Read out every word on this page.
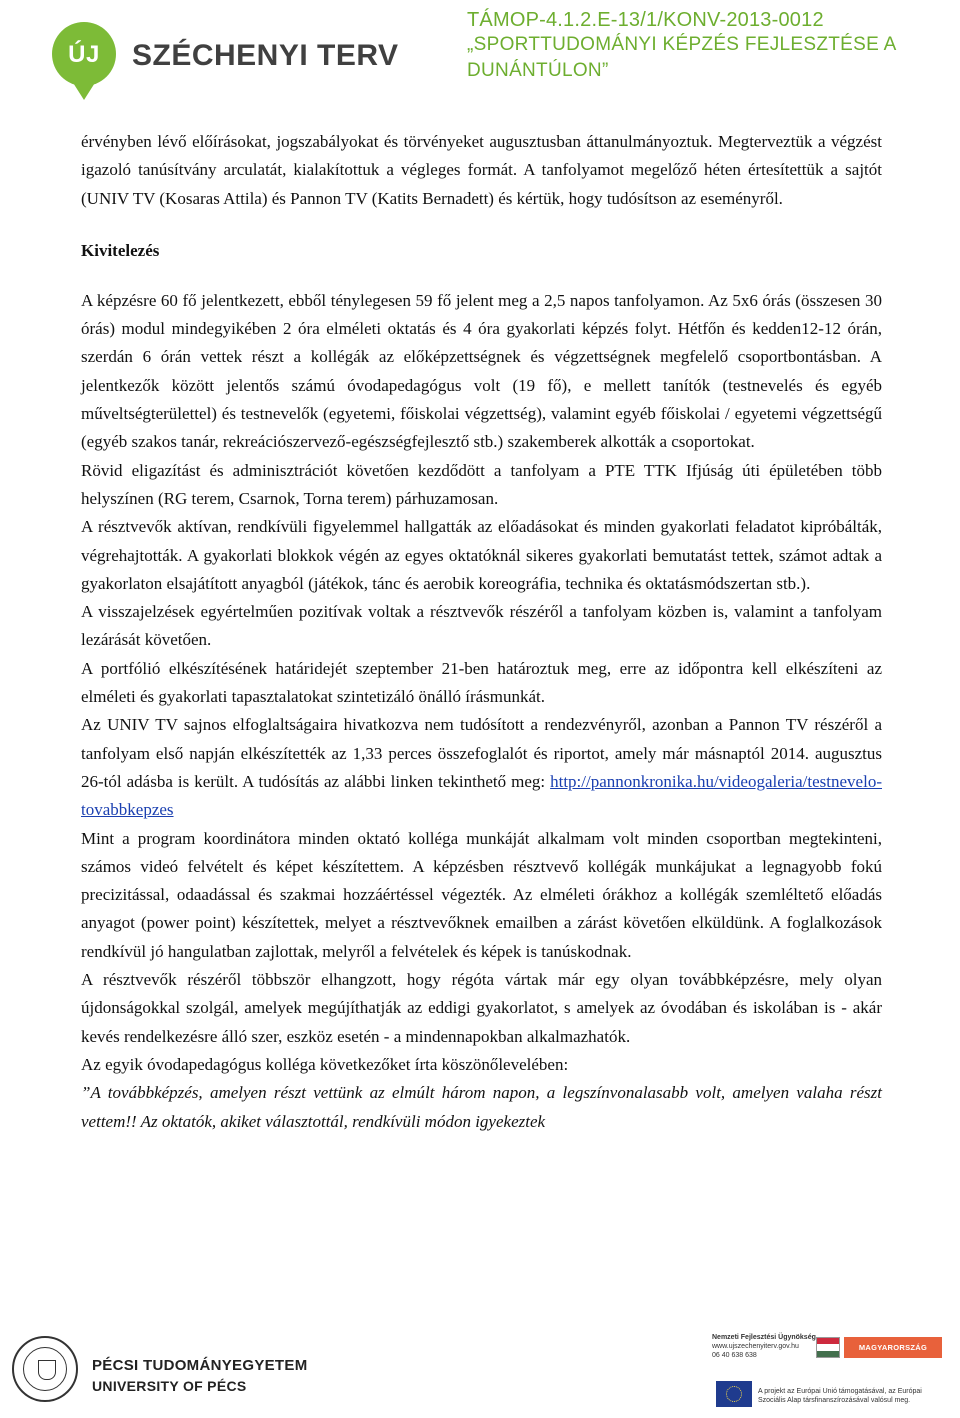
ÚJ	SZÉCHENYI TERV
TÁMOP-4.1.2.E-13/1/KONV-2013-0012
„SPORTTUDOMÁNYI KÉPZÉS FEJLESZTÉSE A DUNÁNTÚLON”

érvényben lévő előírásokat, jogszabályokat és törvényeket augusztusban áttanulmányoztuk. Megterveztük a végzést igazoló tanúsítvány arculatát, kialakítottuk a végleges formát. A tanfolyamot megelőző héten értesítettük a sajtót (UNIV TV (Kosaras Attila) és Pannon TV (Katits Bernadett) és kértük, hogy tudósítson az eseményről.

Kivitelezés

A képzésre 60 fő jelentkezett, ebből ténylegesen 59 fő jelent meg a 2,5 napos tanfolyamon. Az 5x6 órás (összesen 30 órás) modul mindegyikében 2 óra elméleti oktatás és 4 óra gyakorlati képzés folyt. Hétfőn és kedden12-12 órán, szerdán 6 órán vettek részt a kollégák az előképzettségnek és végzettségnek megfelelő csoportbontásban. A jelentkezők között jelentős számú óvodapedagógus volt (19 fő), e mellett tanítók (testnevelés és egyéb műveltségterülettel) és testnevelők (egyetemi, főiskolai végzettség), valamint egyéb főiskolai / egyetemi végzettségű (egyéb szakos tanár, rekreációszervező-egészségfejlesztő stb.) szakemberek alkották a csoportokat.

Rövid eligazítást és adminisztrációt követően kezdődött a tanfolyam a PTE TTK Ifjúság úti épületében több helyszínen (RG terem, Csarnok, Torna terem) párhuzamosan.

A résztvevők aktívan, rendkívüli figyelemmel hallgatták az előadásokat és minden gyakorlati feladatot kipróbálták, végrehajtották. A gyakorlati blokkok végén az egyes oktatóknál sikeres gyakorlati bemutatást tettek, számot adtak a gyakorlaton elsajátított anyagból (játékok, tánc és aerobik koreográfia, technika és oktatásmódszertan stb.).

A visszajelzések egyértelműen pozitívak voltak a résztvevők részéről a tanfolyam közben is, valamint a tanfolyam lezárását követően.

A portfólió elkészítésének határidejét szeptember 21-ben határoztuk meg, erre az időpontra kell elkészíteni az elméleti és gyakorlati tapasztalatokat szintetizáló önálló írásmunkát.

Az UNIV TV sajnos elfoglaltságaira hivatkozva nem tudósított a rendezvényről, azonban a Pannon TV részéről a tanfolyam első napján elkészítették az 1,33 perces összefoglalót és riportot, amely már másnaptól 2014. augusztus 26-tól adásba is került. A tudósítás az alábbi linken tekinthető meg: http://pannonkronika.hu/videogaleria/testnevelo-tovabbkepzes

Mint a program koordinátora minden oktató kolléga munkáját alkalmam volt minden csoportban megtekinteni, számos videó felvételt és képet készítettem. A képzésben résztvevő kollégák munkájukat a legnagyobb fokú precizitással, odaadással és szakmai hozzáértéssel végezték. Az elméleti órákhoz a kollégák szemléltető előadás anyagot (power point) készítettek, melyet a résztvevőknek emailben a zárást követően elküldünk. A foglalkozások rendkívül jó hangulatban zajlottak, melyről a felvételek és képek is tanúskodnak.

A résztvevők részéről többször elhangzott, hogy régóta vártak már egy olyan továbbképzésre, mely olyan újdonságokkal szolgál, amelyek megújíthatják az eddigi gyakorlatot, s amelyek az óvodában és iskolában is - akár kevés rendelkezésre álló szer, eszköz esetén - a mindennapokban alkalmazhatók.

Az egyik óvodapedagógus kolléga következőket írta köszönőlevelében:

”A továbbképzés, amelyen részt vettünk az elmúlt három napon, a legszínvonalasabb volt, amelyen valaha részt vettem!! Az oktatók, akiket választottál, rendkívüli módon igyekeztek

PÉCSI TUDOMÁNYEGYETEM
UNIVERSITY OF PÉCS
Nemzeti Fejlesztési Ügynökség
www.ujszechenyiterv.gov.hu
06 40 638 638
MAGYARORSZÁG MEGÚJUL
A projekt az Európai Unió támogatásával, az Európai Szociális Alap társfinanszírozásával valósul meg.
